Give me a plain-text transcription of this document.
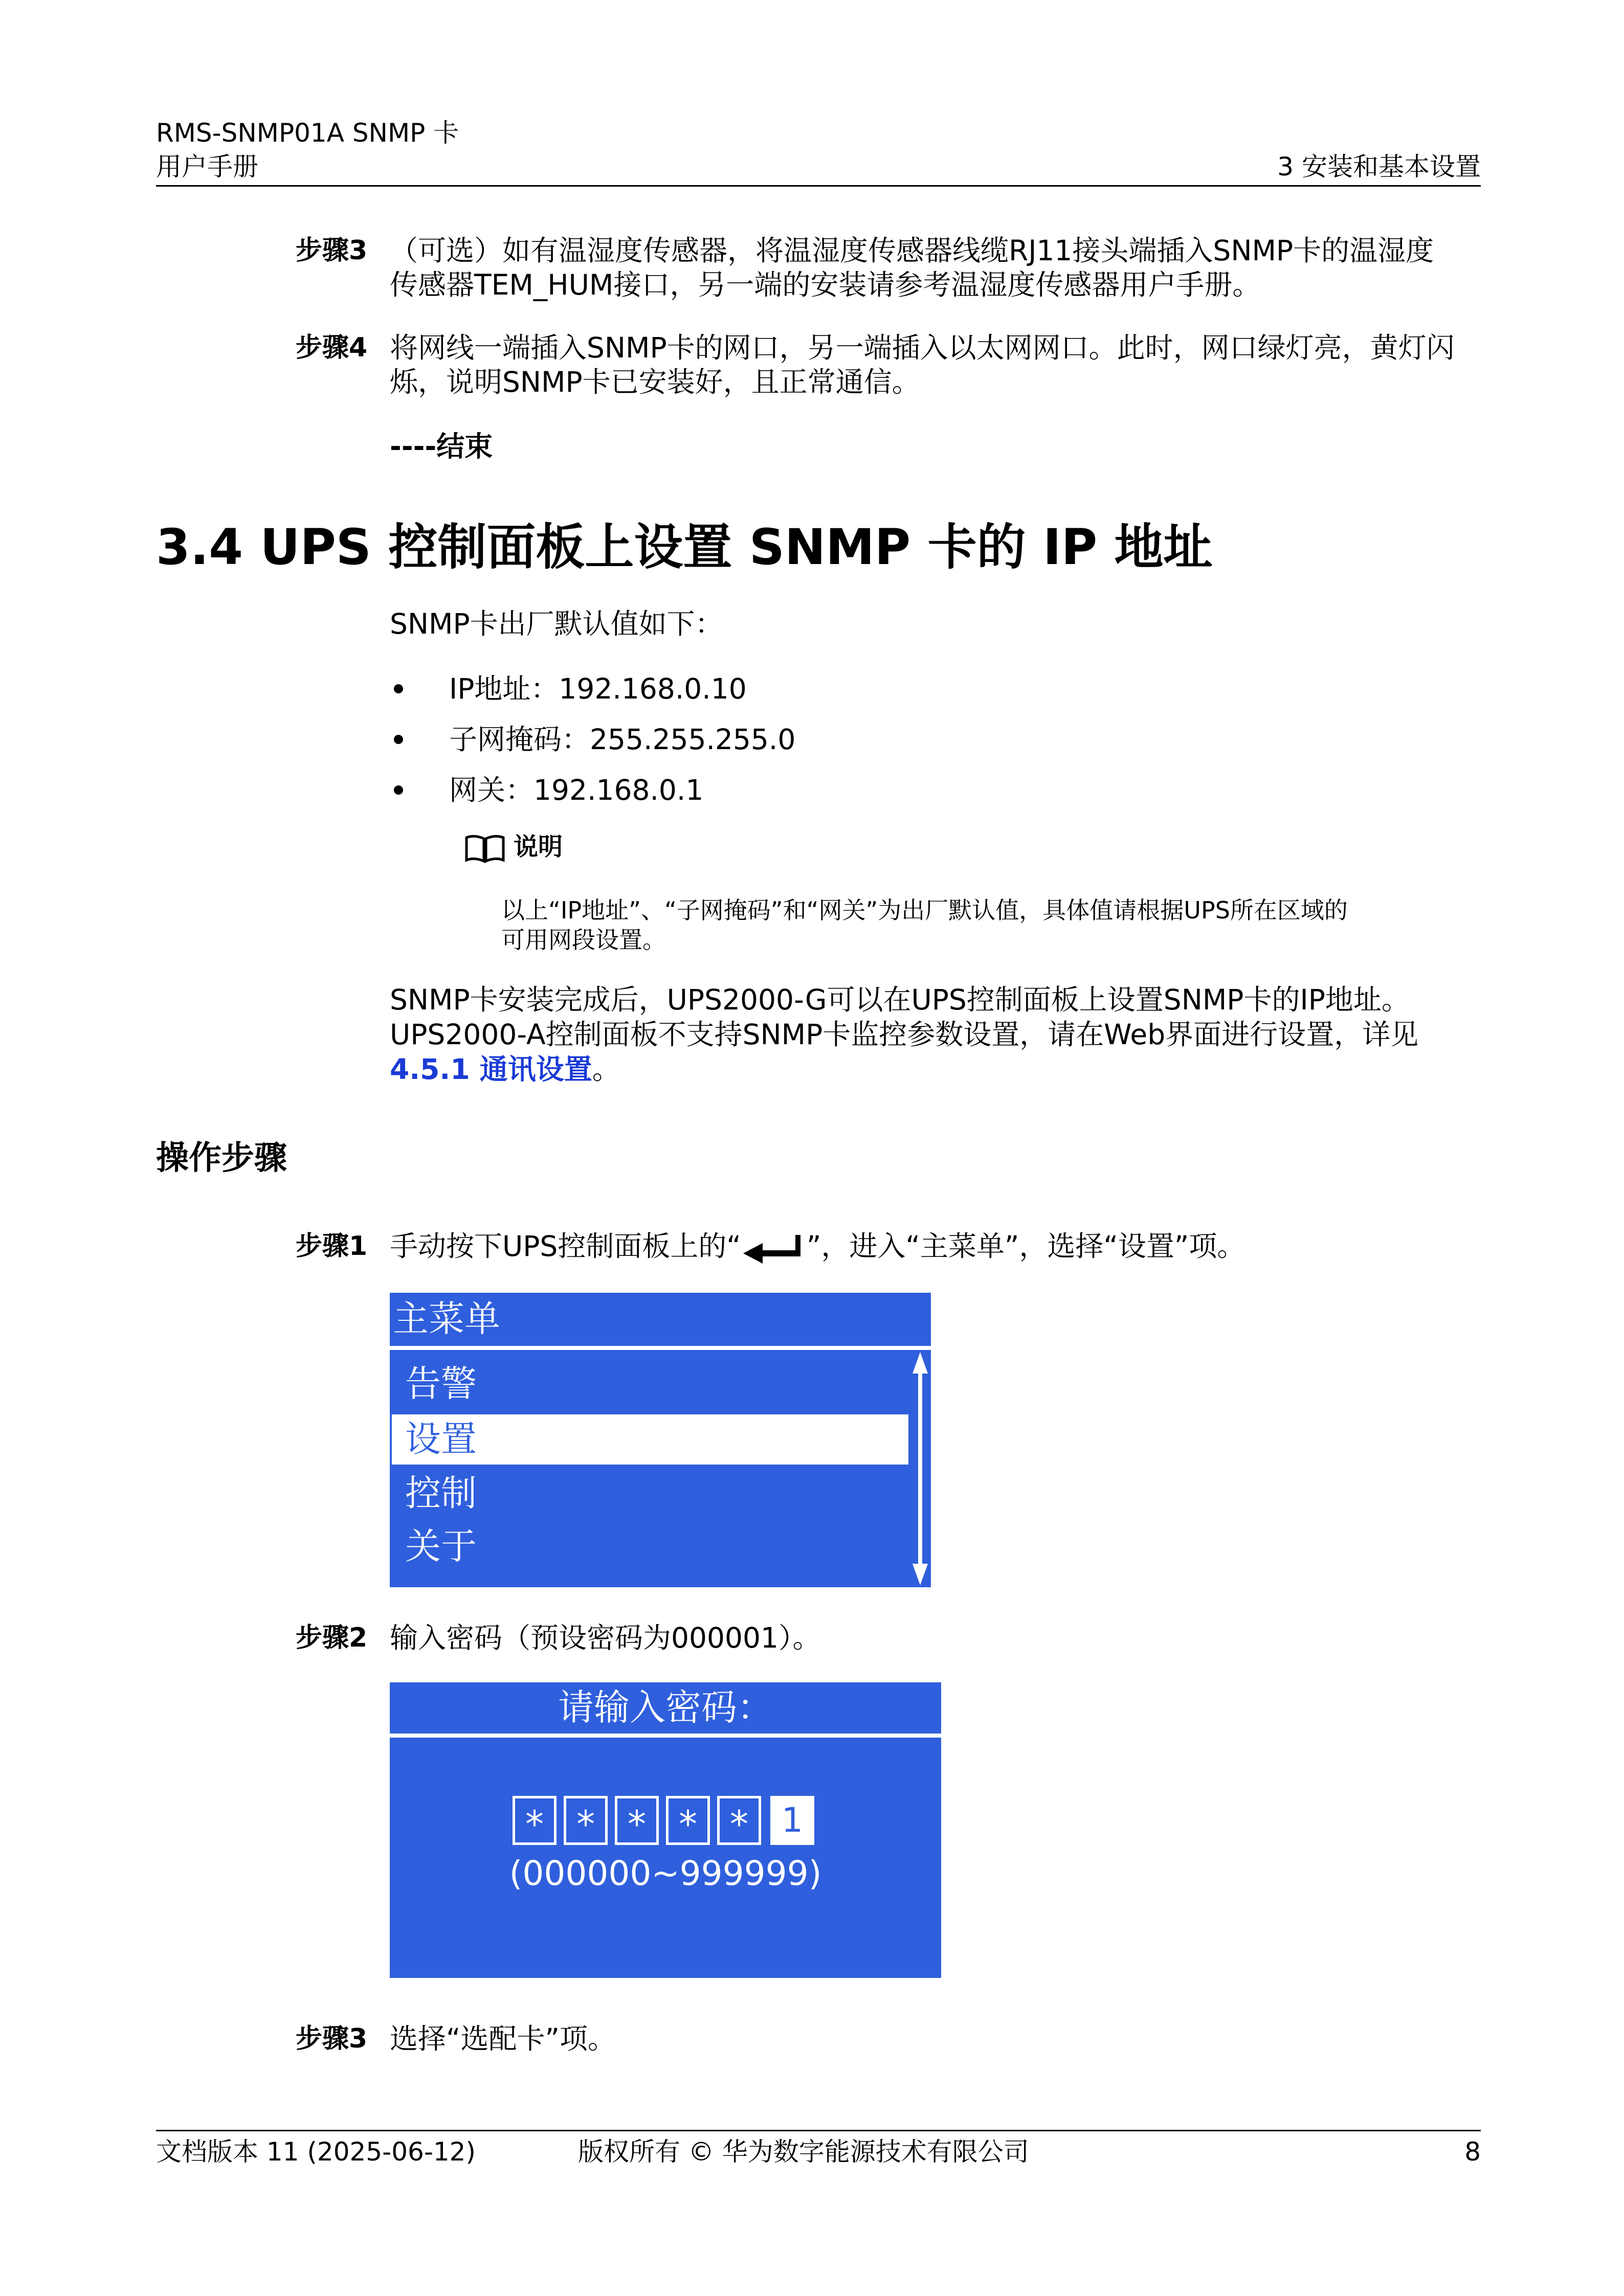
RMS-SNMP01A SNMP 卡
用户手册	3 安装和基本设置
步骤3 （可选）如有温湿度传感器，将温湿度传感器线缆RJ11接头端插入SNMP卡的温湿度
传感器TEM_HUM接口，另一端的安装请参考温湿度传感器用户手册。
步骤4 将网线一端插入SNMP卡的网口，另一端插入以太网网口。此时，网口绿灯亮，黄灯闪
烁，说明SNMP卡已安装好，且正常通信。
----结束
3.4 UPS 控制面板上设置 SNMP 卡的 IP 地址
SNMP卡出厂默认值如下：
IP地址：192.168.0.10
子网掩码：255.255.255.0
网关：192.168.0.1
说明
以上“IP地址”、“子网掩码”和“网关”为出厂默认值，具体值请根据UPS所在区域的
可用网段设置。
SNMP卡安装完成后，UPS2000-G可以在UPS控制面板上设置SNMP卡的IP地址。
UPS2000-A控制面板不支持SNMP卡监控参数设置，请在Web界面进行设置，详见
4.5.1 通讯设置。
操作步骤
步骤1 手动按下UPS控制面板上的“ ”，进入“主菜单”，选择“设置”项。
主菜单
告警
设置
控制
关于
步骤2 输入密码（预设密码为000001）。
请输入密码：
* * * * * 1
(000000~999999)
步骤3 选择“选配卡”项。
文档版本 11 (2025-06-12)	版权所有 © 华为数字能源技术有限公司	8
